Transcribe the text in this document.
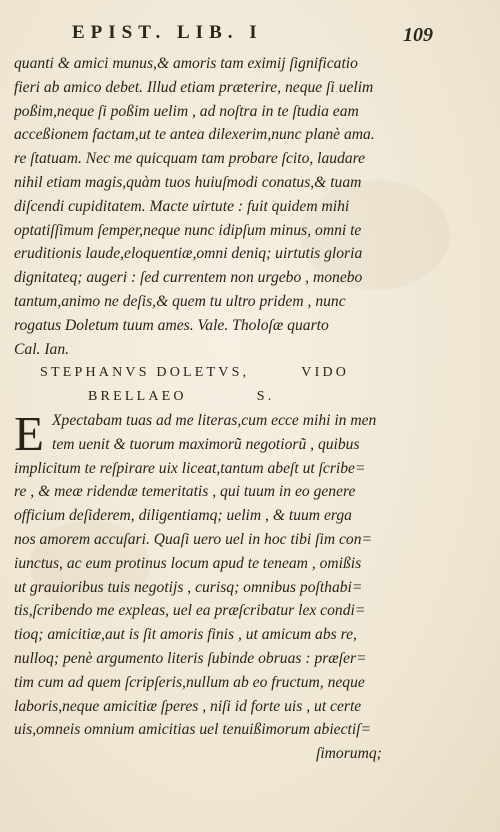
EPIST. LIB. I	109
quanti & amici munus,& amoris tam eximij ſignificatio
fieri ab amico debet. Illud etiam præterire, neque ſi uelim
poßim,neque ſi poßim uelim , ad noſtra in te ſtudia eam
acceßionem factam,ut te antea dilexerim,nunc planè ama.
re ſtatuam. Nec me quicquam tam probare ſcito, laudare
nihil etiam magis,quàm tuos huiuſmodi conatus,& tuam
diſcendi cupiditatem. Macte uirtute : fuit quidem mihi
optatiſſimum ſemper,neque nunc idipſum minus, omni te
eruditionis laude,eloquentiæ,omni deniq; uirtutis gloria
dignitateq; augeri : ſed currentem non urgebo , monebo
tantum,animo ne deſis,& quem tu ultro pridem , nunc
rogatus Doletum tuum ames. Vale. Tholoſæ quarto
Cal. Ian.
STEPHANVS DOLETVS,	VIDO
BRELLAEO	S.
E Xpectabam tuas ad me literas,cum ecce mihi in men
tem uenit & tuorum maximorũ negotiorũ , quibus
implicitum te reſpirare uix liceat,tantum abeſt ut ſcribe=
re , & meæ ridendæ temeritatis , qui tuum in eo genere
officium deſiderem, diligentiamq; uelim , & tuum erga
nos amorem accuſari. Quaſi uero uel in hoc tibi ſim con=
iunctus, ac eum protinus locum apud te teneam , omißis
ut grauioribus tuis negotijs , curisq; omnibus poſthabi=
tis,ſcribendo me expleas, uel ea præſcribatur lex condi=
tioq; amicitiæ,aut is ſit amoris finis , ut amicum abs re,
nulloq; penè argumento literis ſubinde obruas : præſer=
tim cum ad quem ſcripſeris,nullum ab eo fructum, neque
laboris,neque amicitiæ ſperes , niſi id forte uis , ut certe
uis,omneis omnium amicitias uel tenuißimorum abiectiſ=
ſimorumq;
